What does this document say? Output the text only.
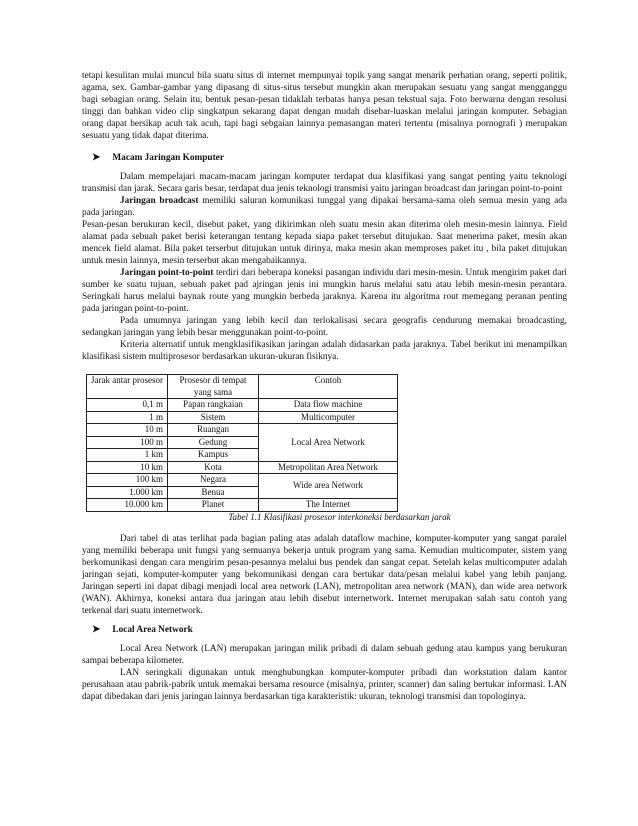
tetapi kesulitan mulai muncul bila suatu situs di internet mempunyai topik yang sangat menarik perhatian orang, seperti politik, agama, sex. Gambar-gambar yang dipasang di situs-situs tersebut mungkin akan merupakan sesuatu yang sangat mengganggu bagi sebagian orang. Selain itu, bentuk pesan-pesan tidaklah terbatas hanya pesan tekstual saja. Foto berwarna dengan resolusi tinggi dan bahkan video clip singkatpun sekarang dapat dengan mudah disebar-luaskan melalui jaringan komputer. Sebagian orang dapat bersikap acuh tak acuh, tapi bagi sebgaian lainnya pemasangan materi tertentu (misalnya pornografi ) merupakan sesuatu yang tidak dapat diterima.

➤ Macam Jaringan Komputer

Dalam mempelajari macam-macam jaringan komputer terdapat dua klasifikasi yang sangat penting yaitu teknologi transmisi dan jarak. Secara garis besar, terdapat dua jenis teknologi transmisi yaitu jaringan broadcast dan jaringan point-to-point

Jaringan broadcast memiliki saluran komunikasi tunggal yang dipakai bersama-sama oleh semua mesin yang ada pada jaringan.

Pesan-pesan berukuran kecil, disebut paket, yang dikirimkan oleh suatu mesin akan diterima oleh mesin-mesin lainnya. Field alamat pada sebuah paket berisi keterangan tentang kepada siapa paket tersebut ditujukan. Saat menerima paket, mesin akan mencek field alamat. Bila paket terserbut ditujukan untuk dirinya, maka mesin akan memproses paket itu , bila paket ditujukan untuk mesin lainnya, mesin terserbut akan mengabaikannya.

Jaringan point-to-point terdiri dari beberapa koneksi pasangan individu dari mesin-mesin. Untuk mengirim paket dari sumber ke suatu tujuan, sebuah paket pad ajringan jenis ini mungkin harus melalui satu atau lebih mesin-mesin perantara. Seringkali harus melalui baynak route yang mungkin berbeda jaraknya. Karena itu algoritma rout memegang peranan penting pada jaringan point-to-point.

Pada umumnya jaringan yang lebih kecil dan terlokalisasi secara geografis cendurung memakai broadcasting, sedangkan jaringan yang lebih besar menggunakan point-to-point.

Kriteria alternatif untuk mengklasifikasikan jaringan adalah didasarkan pada jaraknya. Tabel berikut ini menampilkan klasifikasi sistem multiprosesor berdasarkan ukuran-ukuran fisiknya.

Jarak antar prosesor	Prosesor di tempat yang sama	Contoh
0,1 m	Papan rangkaian	Data flow machine
1 m	Sistem	Multicomputer
10 m	Ruangan	Local Area Network
100 m	Gedung	
1 km	Kampus	
10 km	Kota	Metropolitan Area Network
100 km	Negara	Wide area Network
1.000 km	Benua	
10.000 km	Planet	The Internet
Tabel 1.1 Klasifikasi prosesor interkoneksi berdasarkan jarak

Dari tabel di atas terlihat pada bagian paling atas adalah dataflow machine, komputer-komputer yang sangat paralel yang memiliki beberapa unit fungsi yang semuanya bekerja untuk program yang sama. Kemudian multicomputer, sistem yang berkomunikasi dengan cara mengirim pesan-pesannya melalui bus pendek dan sangat cepat. Setelah kelas multicomputer adalah jaringan sejati, komputer-komputer yang bekomunikasi dengan cara bertukar data/pesan melalui kabel yang lebih panjang. Jaringan seperti ini dapat dibagi menjadi local area network (LAN), metropolitan area network (MAN), dan wide area network (WAN). Akhirnya, koneksi antara dua jaringan atau lebih disebut internetwork. Internet merupakan salah satu contoh yang terkenal dari suatu internetwork.

➤ Local Area Network

Local Area Network (LAN) merupakan jaringan milik pribadi di dalam sebuah gedung atau kampus yang berukuran sampai beberapa kilometer.

LAN seringkali digunakan untuk menghubungkan komputer-komputer pribadi dan workstation dalam kantor perusahaan atau pabrik-pabrik untuk memakai bersama resource (misalnya, printer, scanner) dan saling bertukar informasi. LAN dapat dibedakan dari jenis jaringan lainnya berdasarkan tiga karakteristik: ukuran, teknologi transmisi dan topologinya.
